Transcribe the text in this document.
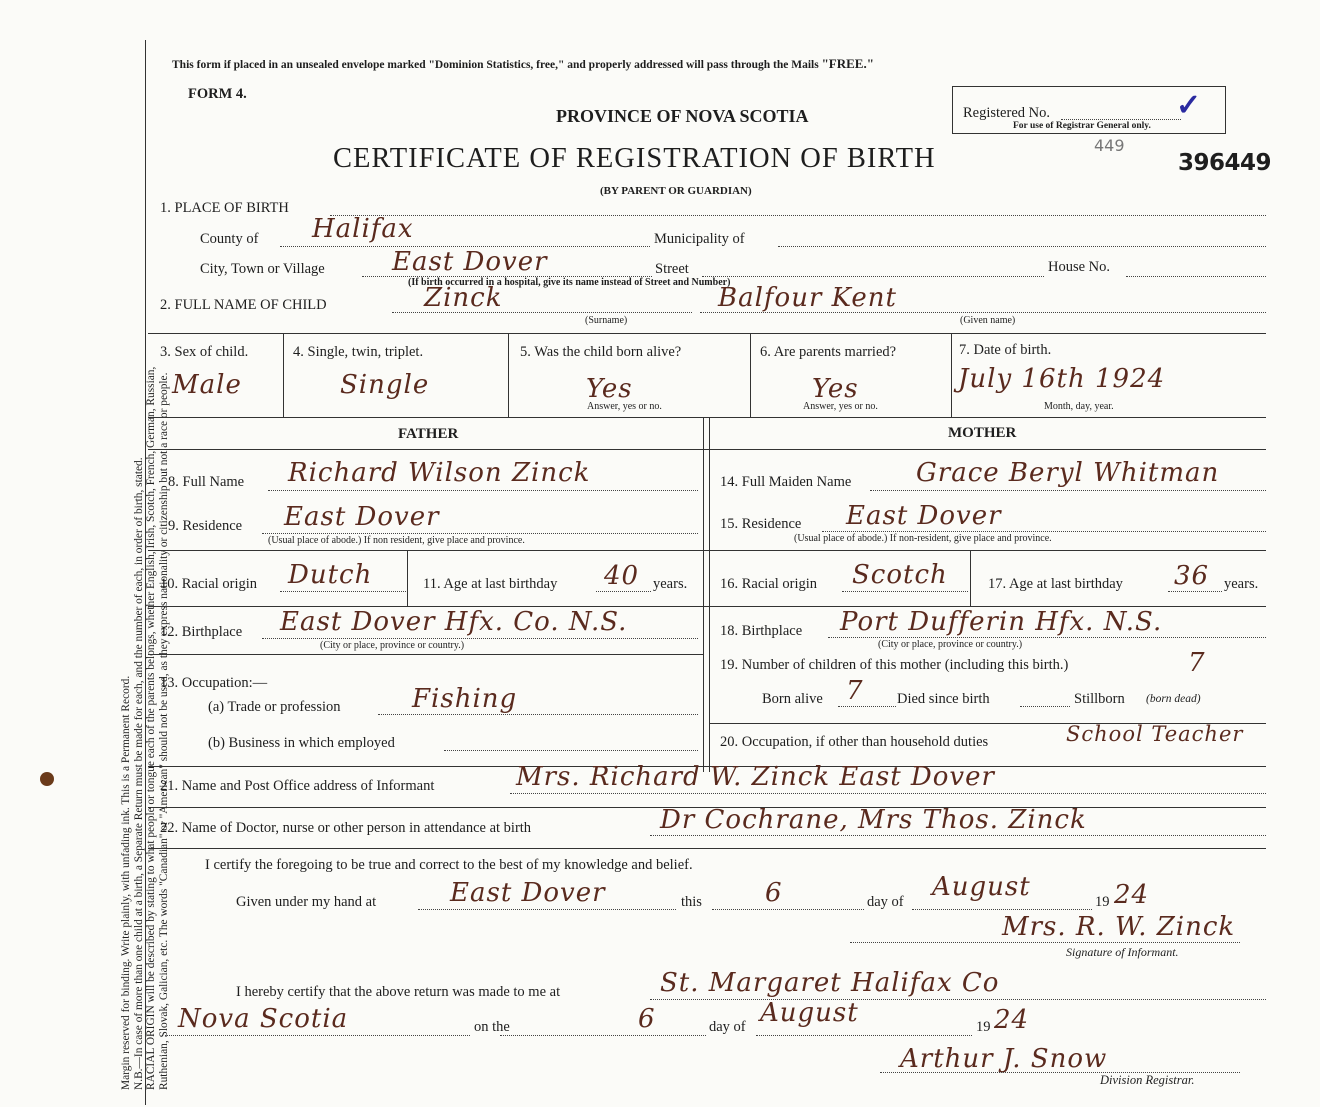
Margin reserved for binding. Write plainly, with unfading ink. This is a Permanent Record. N.B.—In case of more than one child at a birth, a Separate Return must be made for each, and the number of each, in order of birth, stated. RACIAL ORIGIN will be described by stating to what people or tongue each of the parents belongs, whether English, Irish, Scotch, French, German, Russian, Ruthenian, Slovak, Galician, etc. The words "Canadian" or "American" should not be used, as they express nationality or citizenship but not a race or people.
This form if placed in an unsealed envelope marked "Dominion Statistics, free," and properly addressed will pass through the Mails "FREE."
FORM 4.
PROVINCE OF NOVA SCOTIA
CERTIFICATE OF REGISTRATION OF BIRTH
(BY PARENT OR GUARDIAN)
Registered No.
For use of Registrar General only.
✓
449
396449
1. PLACE OF BIRTH
County of Halifax	Municipality of
City, Town or Village	East Dover	Street	House No.
(If birth occurred in a hospital, give its name instead of Street and Number)
2. FULL NAME OF CHILD	Zinck
(Surname)
Balfour Kent
(Given name)
3. Sex of child.
Male
4. Single, twin, triplet.
Single
5. Was the child born alive?
Yes
Answer, yes or no.
6. Are parents married?
Yes
Answer, yes or no.
7. Date of birth.
July 16th 1924
Month, day, year.
FATHER	MOTHER
8. Full Name Richard Wilson Zinck	14. Full Maiden Name Grace Beryl Whitman
9. Residence East Dover
(Usual place of abode.) If non resident, give place and province.
15. Residence East Dover
(Usual place of abode.) If non-resident, give place and province.
10. Racial origin Dutch	11. Age at last birthday 40 years. 16. Racial origin Scotch	17. Age at last birthday 36 years.
12. Birthplace East Dover Hfx. Co. N.S.
(City or place, province or country.)
18. Birthplace Port Dufferin Hfx. N.S.
(City or place, province or country.)
13. Occupation:—
(a) Trade or profession	Fishing
(b) Business in which employed
19. Number of children of this mother (including this birth.)	7
Born alive 7 Died since birth	Stillborn (born dead)
20. Occupation, if other than household duties	School Teacher
21. Name and Post Office address of Informant	Mrs. Richard W. Zinck East Dover
22. Name of Doctor, nurse or other person in attendance at birth	Dr Cochrane, Mrs Thos. Zinck
I certify the foregoing to be true and correct to the best of my knowledge and belief.
Given under my hand at	East Dover	this 6	day of August	19 24
Mrs. R. W. Zinck
Signature of Informant.
I hereby certify that the above return was made to me at	St. Margaret Halifax Co
Nova Scotia	on the	6	day of August	19 24
Arthur J. Snow
Division Registrar.
